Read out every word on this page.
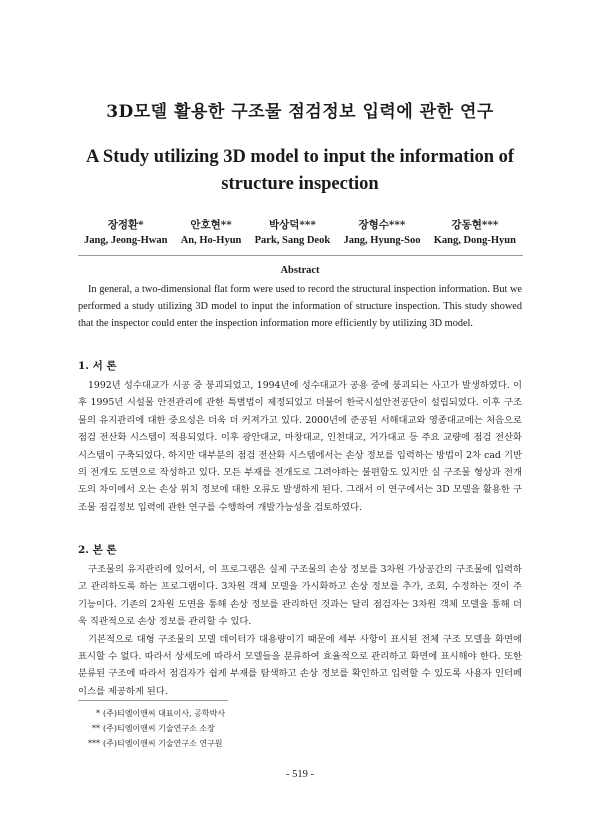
3D모델 활용한 구조물 점검정보 입력에 관한 연구
A Study utilizing 3D model to input the information of structure inspection
장정환*
Jang, Jeong-Hwan
안호현**
An, Ho-Hyun
박상덕***
Park, Sang Deok
장형수***
Jang, Hyung-Soo
강동현***
Kang, Dong-Hyun
Abstract
In general, a two-dimensional flat form were used to record the structural inspection information. But we performed a study utilizing 3D model to input the information of structure inspection. This study showed that the inspector could enter the inspection information more efficiently by utilizing 3D model.
1. 서 론

1992년 성수대교가 시공 중 붕괴되었고, 1994년에 성수대교가 공용 중에 붕괴되는 사고가 발생하였다. 이후 1995년 시설물 안전관리에 관한 특별법이 제정되었고 더불어 한국시설안전공단이 설립되었다. 이후 구조물의 유지관리에 대한 중요성은 더욱 더 커져가고 있다. 2000년에 준공된 서해대교와 영종대교에는 처음으로 점검 전산화 시스템이 적용되었다. 이후 광안대교, 마창대교, 인천대교, 거가대교 등 주요 교량에 점검 전산화 시스템이 구축되었다. 하지만 대부분의 점검 전산화 시스템에서는 손상 정보를 입력하는 방법이 2차 cad 기반의 전개도 도면으로 작성하고 있다. 모든 부재를 전개도로 그려야하는 불편함도 있지만 실 구조물 형상과 전개도의 차이에서 오는 손상 위치 정보에 대한 오류도 발생하게 된다. 그래서 이 연구에서는 3D 모델을 활용한 구조물 점검정보 입력에 관한 연구를 수행하여 개발가능성을 검토하였다.

2. 본 론

구조물의 유지관리에 있어서, 이 프로그램은 실제 구조물의 손상 정보를 3차원 가상공간의 구조물에 입력하고 관리하도록 하는 프로그램이다. 3차원 객체 모델을 가시화하고 손상 정보를 추가, 조회, 수정하는 것이 주 기능이다. 기존의 2차원 도면을 통해 손상 정보를 관리하던 것과는 달리 점검자는 3차원 객체 모델을 통해 더욱 직관적으로 손상 정보를 관리할 수 있다.

기본적으로 대형 구조물의 모델 데이터가 대용량이기 때문에 세부 사항이 표시된 전체 구조 모델을 화면에 표시할 수 없다. 따라서 상세도에 따라서 모델들을 분류하여 효율적으로 관리하고 화면에 표시해야 한다. 또한 분류된 구조에 따라서 점검자가 쉽게 부재를 탐색하고 손상 정보를 확인하고 입력할 수 있도록 사용자 인터페이스를 제공하게 된다.

* (주)티엠이앤씨 대표이사, 공학박사
** (주)티엠이앤씨 기술연구소 소장
*** (주)티엠이앤씨 기술연구소 연구원
- 519 -
